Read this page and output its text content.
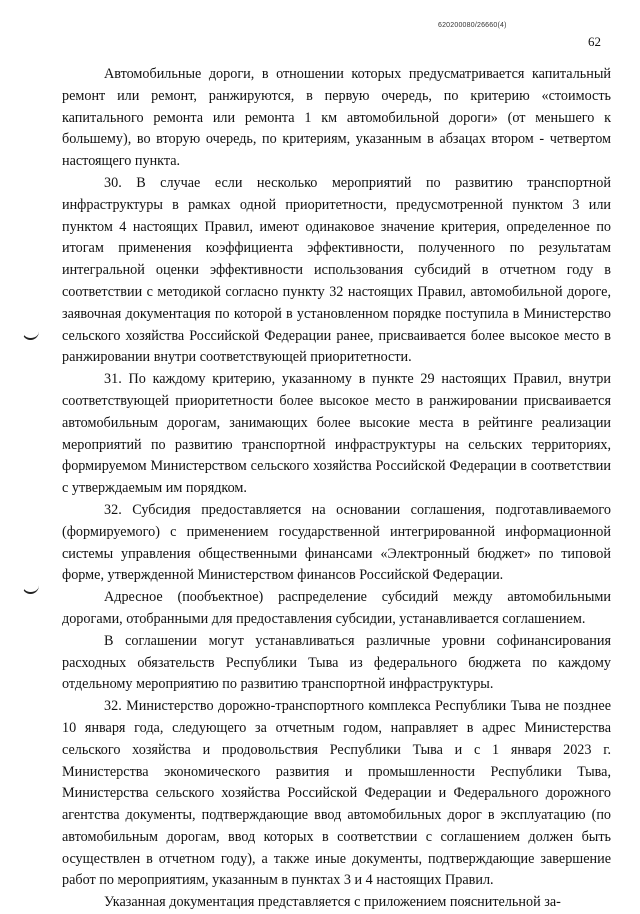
620200080/26660(4)
62

Автомобильные дороги, в отношении которых предусматривается капитальный ремонт или ремонт, ранжируются, в первую очередь, по критерию «стоимость капитального ремонта или ремонта 1 км автомобильной дороги» (от меньшего к большему), во вторую очередь, по критериям, указанным в абзацах втором - четвертом настоящего пункта.

30. В случае если несколько мероприятий по развитию транспортной инфраструктуры в рамках одной приоритетности, предусмотренной пунктом 3 или пунктом 4 настоящих Правил, имеют одинаковое значение критерия, определенное по итогам применения коэффициента эффективности, полученного по результатам интегральной оценки эффективности использования субсидий в отчетном году в соответствии с методикой согласно пункту 32 настоящих Правил, автомобильной дороге, заявочная документация по которой в установленном порядке поступила в Министерство сельского хозяйства Российской Федерации ранее, присваивается более высокое место в ранжировании внутри соответствующей приоритетности.

31. По каждому критерию, указанному в пункте 29 настоящих Правил, внутри соответствующей приоритетности более высокое место в ранжировании присваивается автомобильным дорогам, занимающих более высокие места в рейтинге реализации мероприятий по развитию транспортной инфраструктуры на сельских территориях, формируемом Министерством сельского хозяйства Российской Федерации в соответствии с утверждаемым им порядком.

32. Субсидия предоставляется на основании соглашения, подготавливаемого (формируемого) с применением государственной интегрированной информационной системы управления общественными финансами «Электронный бюджет» по типовой форме, утвержденной Министерством финансов Российской Федерации.

Адресное (пообъектное) распределение субсидий между автомобильными дорогами, отобранными для предоставления субсидии, устанавливается соглашением.

В соглашении могут устанавливаться различные уровни софинансирования расходных обязательств Республики Тыва из федерального бюджета по каждому отдельному мероприятию по развитию транспортной инфраструктуры.

32. Министерство дорожно-транспортного комплекса Республики Тыва не позднее 10 января года, следующего за отчетным годом, направляет в адрес Министерства сельского хозяйства и продовольствия Республики Тыва и с 1 января 2023 г. Министерства экономического развития и промышленности Республики Тыва, Министерства сельского хозяйства Российской Федерации и Федерального дорожного агентства документы, подтверждающие ввод автомобильных дорог в эксплуатацию (по автомобильным дорогам, ввод которых в соответствии с соглашением должен быть осуществлен в отчетном году), а также иные документы, подтверждающие завершение работ по мероприятиям, указанным в пунктах 3 и 4 настоящих Правил.

Указанная документация представляется с приложением пояснительной за-
